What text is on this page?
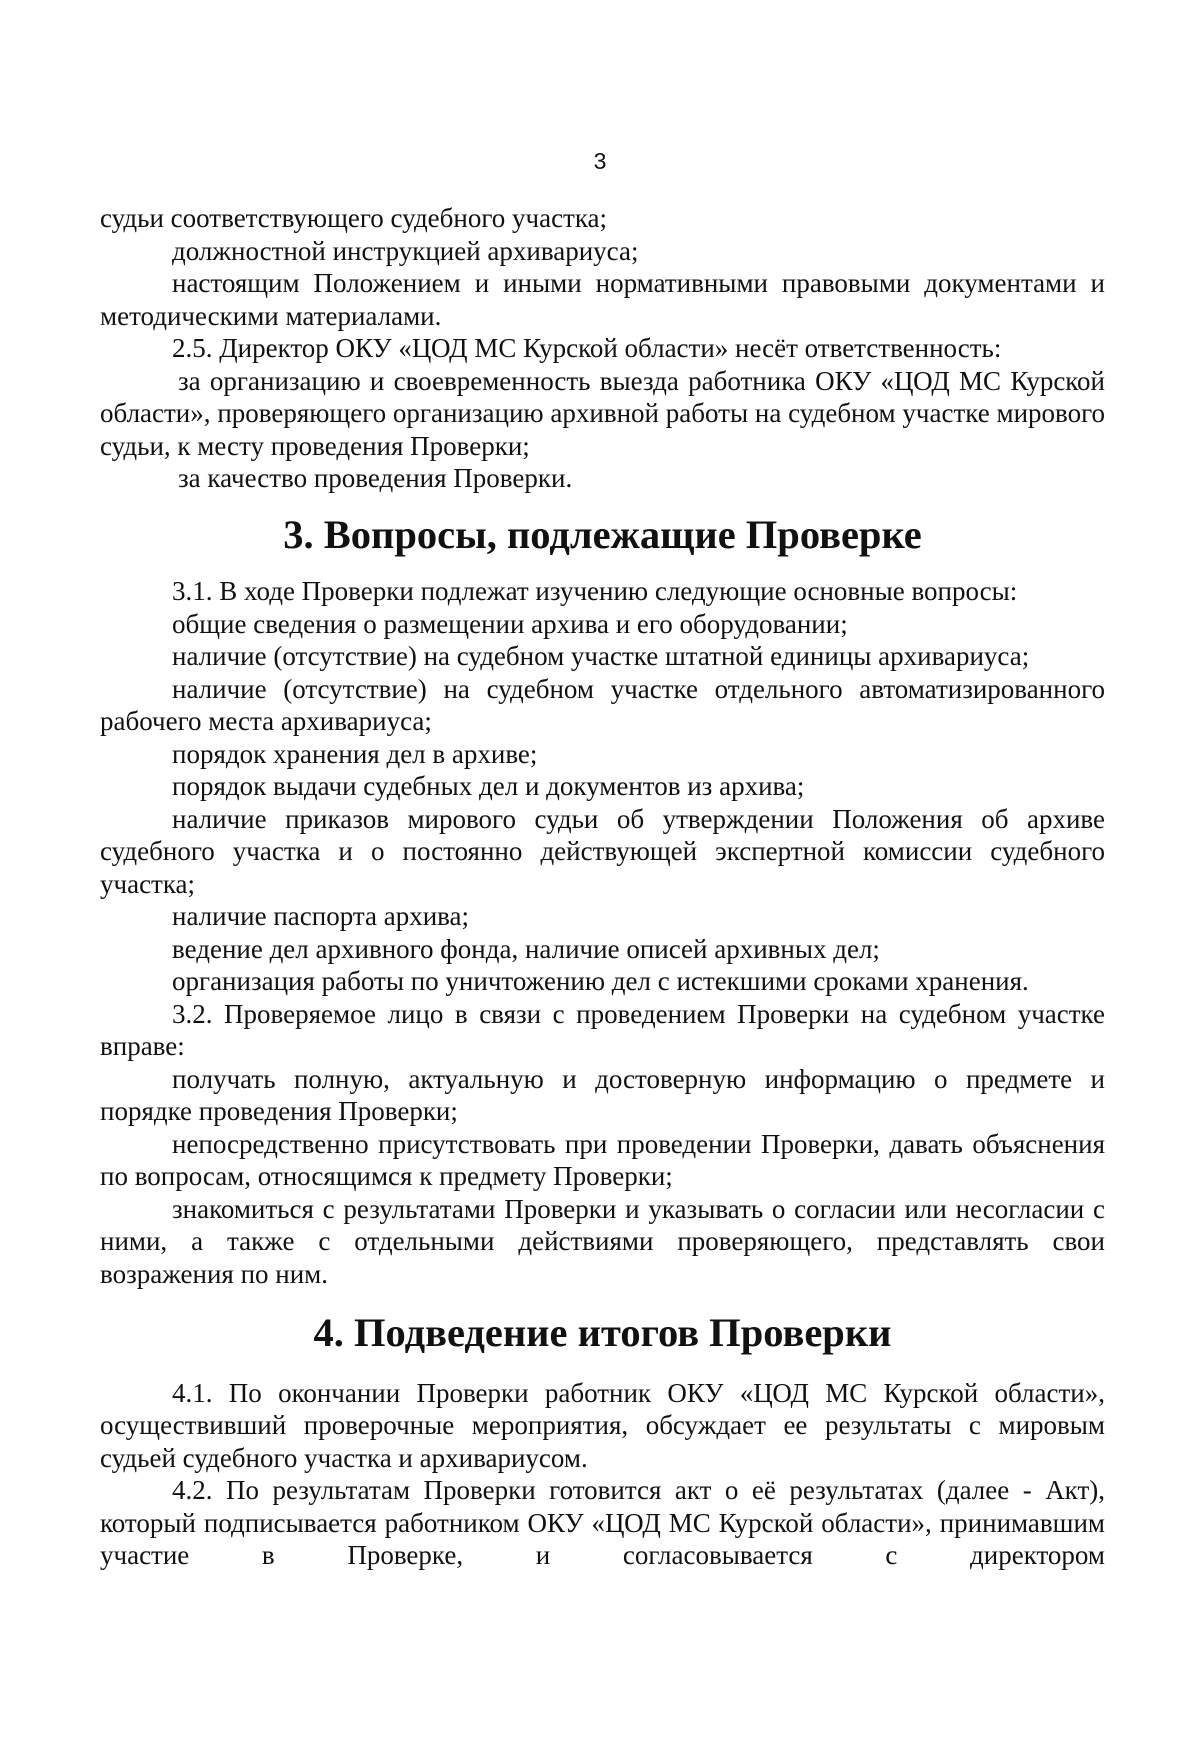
3

судьи соответствующего судебного участка;

должностной инструкцией архивариуса;

настоящим Положением и иными нормативными правовыми документами и методическими материалами.

2.5. Директор ОКУ «ЦОД МС Курской области» несёт ответственность:

за организацию и своевременность выезда работника ОКУ «ЦОД МС Курской области», проверяющего организацию архивной работы на судебном участке мирового судьи, к месту проведения Проверки;

за качество проведения Проверки.

3. Вопросы, подлежащие Проверке

3.1. В ходе Проверки подлежат изучению следующие основные вопросы:

общие сведения о размещении архива и его оборудовании;

наличие (отсутствие) на судебном участке штатной единицы архивариуса;

наличие (отсутствие) на судебном участке отдельного автоматизированного рабочего места архивариуса;

порядок хранения дел в архиве;

порядок выдачи судебных дел и документов из архива;

наличие приказов мирового судьи об утверждении Положения об архиве судебного участка и о постоянно действующей экспертной комиссии судебного участка;

наличие паспорта архива;

ведение дел архивного фонда, наличие описей архивных дел;

организация работы по уничтожению дел с истекшими сроками хранения.

3.2. Проверяемое лицо в связи с проведением Проверки на судебном участке вправе:

получать полную, актуальную и достоверную информацию о предмете и порядке проведения Проверки;

непосредственно присутствовать при проведении Проверки, давать объяснения по вопросам, относящимся к предмету Проверки;

знакомиться с результатами Проверки и указывать о согласии или несогласии с ними, а также с отдельными действиями проверяющего, представлять свои возражения по ним.

4. Подведение итогов Проверки

4.1. По окончании Проверки работник ОКУ «ЦОД МС Курской области», осуществивший проверочные мероприятия, обсуждает ее результаты с мировым судьей судебного участка и архивариусом.

4.2. По результатам Проверки готовится акт о её результатах (далее - Акт), который подписывается работником ОКУ «ЦОД МС Курской области», принимавшим участие в Проверке, и согласовывается с директором
